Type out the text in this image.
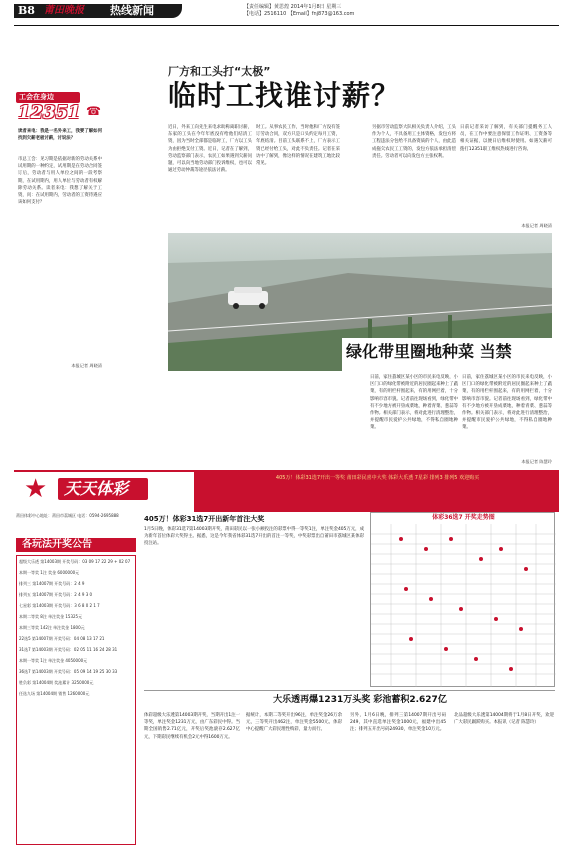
B8 莆田晚报 热线新闻	【责任编辑】黄思煌 2014年1月8日 星期三
【电话】2516110 【Email】fnj873@163.com
厂方和工头打“太极”
临时工找谁讨薪？
工会在身边
12351 ☎
读者来电：我是一名外来工，我要了解如何找到欠薪老板讨薪，讨说法？
市总工会：见习期是依据对新的劳动关系中试用期的一种约定，试用期是在劳动合同签订后，劳动者与用人单位之间的一段考察期，在试用期内，用人单位与劳动者有权解除劳动关系。读者来电：我想了解关于工资，问：在试用期内，劳动者的工资待遇应该如何支付？
本报记者 周晓清
近日，外来工向先生来电求助称离职讨薪，东家的工头在今年年底没有给他们结清工资，因为当时全部都是临时工，厂方以工头为由拒绝支付工资。近日，记者在了解到，劳动监察部门表示，农民工如果遇到欠薪问题，可以向当地劳动部门投诉维权，也可以通过劳动仲裁等途径依法讨薪。
时工。从事农民工作，当时他和厂方没有签订劳动合同，双方只是口头约定每月工资，年底结清。目前工头联系不上，厂方表示工资已经付给工头，对此不负责任。记者在采访中了解到，像这样的情况在建筑工地比较常见。
另据市劳动监察大队相关负责人介绍，工头作为个人，不具备用工主体资格，发包方将工程违法分包给不具备资质的个人，由此造成拖欠农民工工资的，发包方依法承担清偿责任。劳动者可以向发包方主张权利。
日前记者采访了解到，有关部门提醒务工人员，在工作中要注意保留工作证明、工资条等相关证据，以便日后维权时使用。如遇欠薪可拨打12351职工维权热线进行咨询。
本报记者 周晓清
绿化带里圈地种菜 当禁
日前，家住荔城区某小区的市民来电反映，小区门口的绿化带被附近的居民圈起来种上了蔬菜，有的用栏杆围起来，有的用网拦着，十分影响市容市貌。记者前往现场看到，绿化带中有不少地方被开垦成菜地，种着青菜、葱蒜等作物。相关部门表示，将对此进行清理整治，并提醒市民爱护公共绿地，不得私自圈地种菜。
日前，家住荔城区某小区的市民来电反映，小区门口的绿化带被附近的居民圈起来种上了蔬菜，有的用栏杆围起来，有的用网拦着，十分影响市容市貌。记者前往现场看到，绿化带中有不少地方被开垦成菜地，种着青菜、葱蒜等作物。相关部门表示，将对此进行清理整治，并提醒市民爱护公共绿地，不得私自圈地种菜。
本报记者 陈慧玲
★ 天天体彩
405万！体彩31选7开出一等奖 莆田彩民喜中大奖 体彩大乐透 7星彩 排列3 排列5 欢迎购买
莆田体彩中心地址：莆田市荔城区 电话：0594-2695888
各玩法开奖公告
超级大乐透 第14003期 开奖号码：03 09 17 22 29 + 02 07
本期一等奖 1注 奖金 6000000元
排列三 第14007期 开奖号码：2 4 9
排列五 第14007期 开奖号码：2 4 9 3 0
七星彩 第14003期 开奖号码：3 6 8 0 2 1 7
本期二等奖 8注 单注奖金 15325元
本期三等奖 142注 单注奖金 1800元
22选5 第14007期 开奖号码：04 08 13 17 21
31选7 第14003期 开奖号码：02 05 11 16 24 28 31
本期一等奖 1注 单注奖金 4050000元
36选7 第14003期 开奖号码：05 09 14 19 25 30 33
胜负彩 第14004期 奖池累计 3250000元
任选九场 第14004期 销售 1260000元
405万！体彩31选7开出新年首注大奖
1月5日晚，体彩31选7第14003期开奖，莆田彩民以一张小额投注的彩票中得一等奖1注，单注奖金405万元，成为新年首位体彩大奖得主。据悉，这是今年我省体彩31选7开出的首注一等奖，中奖彩票出自莆田市荔城区某体彩投注站。
体彩36选7 开奖走势图
大乐透再爆1231万头奖 彩池蓄积2.627亿
体彩超级大乐透第14003期开奖，当期开出1注一等奖，单注奖金1231万元，由广东彩民中得。当期全国销售2.71亿元，开奖后奖池滚存2.627亿元，下期彩民继续有机会2元中得1600万元。
据统计，本期二等奖开出96注，单注奖金26万余元，三等奖开出462注，单注奖金5500元。体彩中心提醒广大彩民理性购彩，量力而行。
另外，1月6日晚，排列三第14007期开出号码249，其中直选单注奖金1000元，福建中出45注；排列五开出号码24930，单注奖金10万元。
北品超级大乐透第14004期将于1月8日开奖，欢迎广大彩民踊跃购买。本报讯（记者 陈慧玲）
